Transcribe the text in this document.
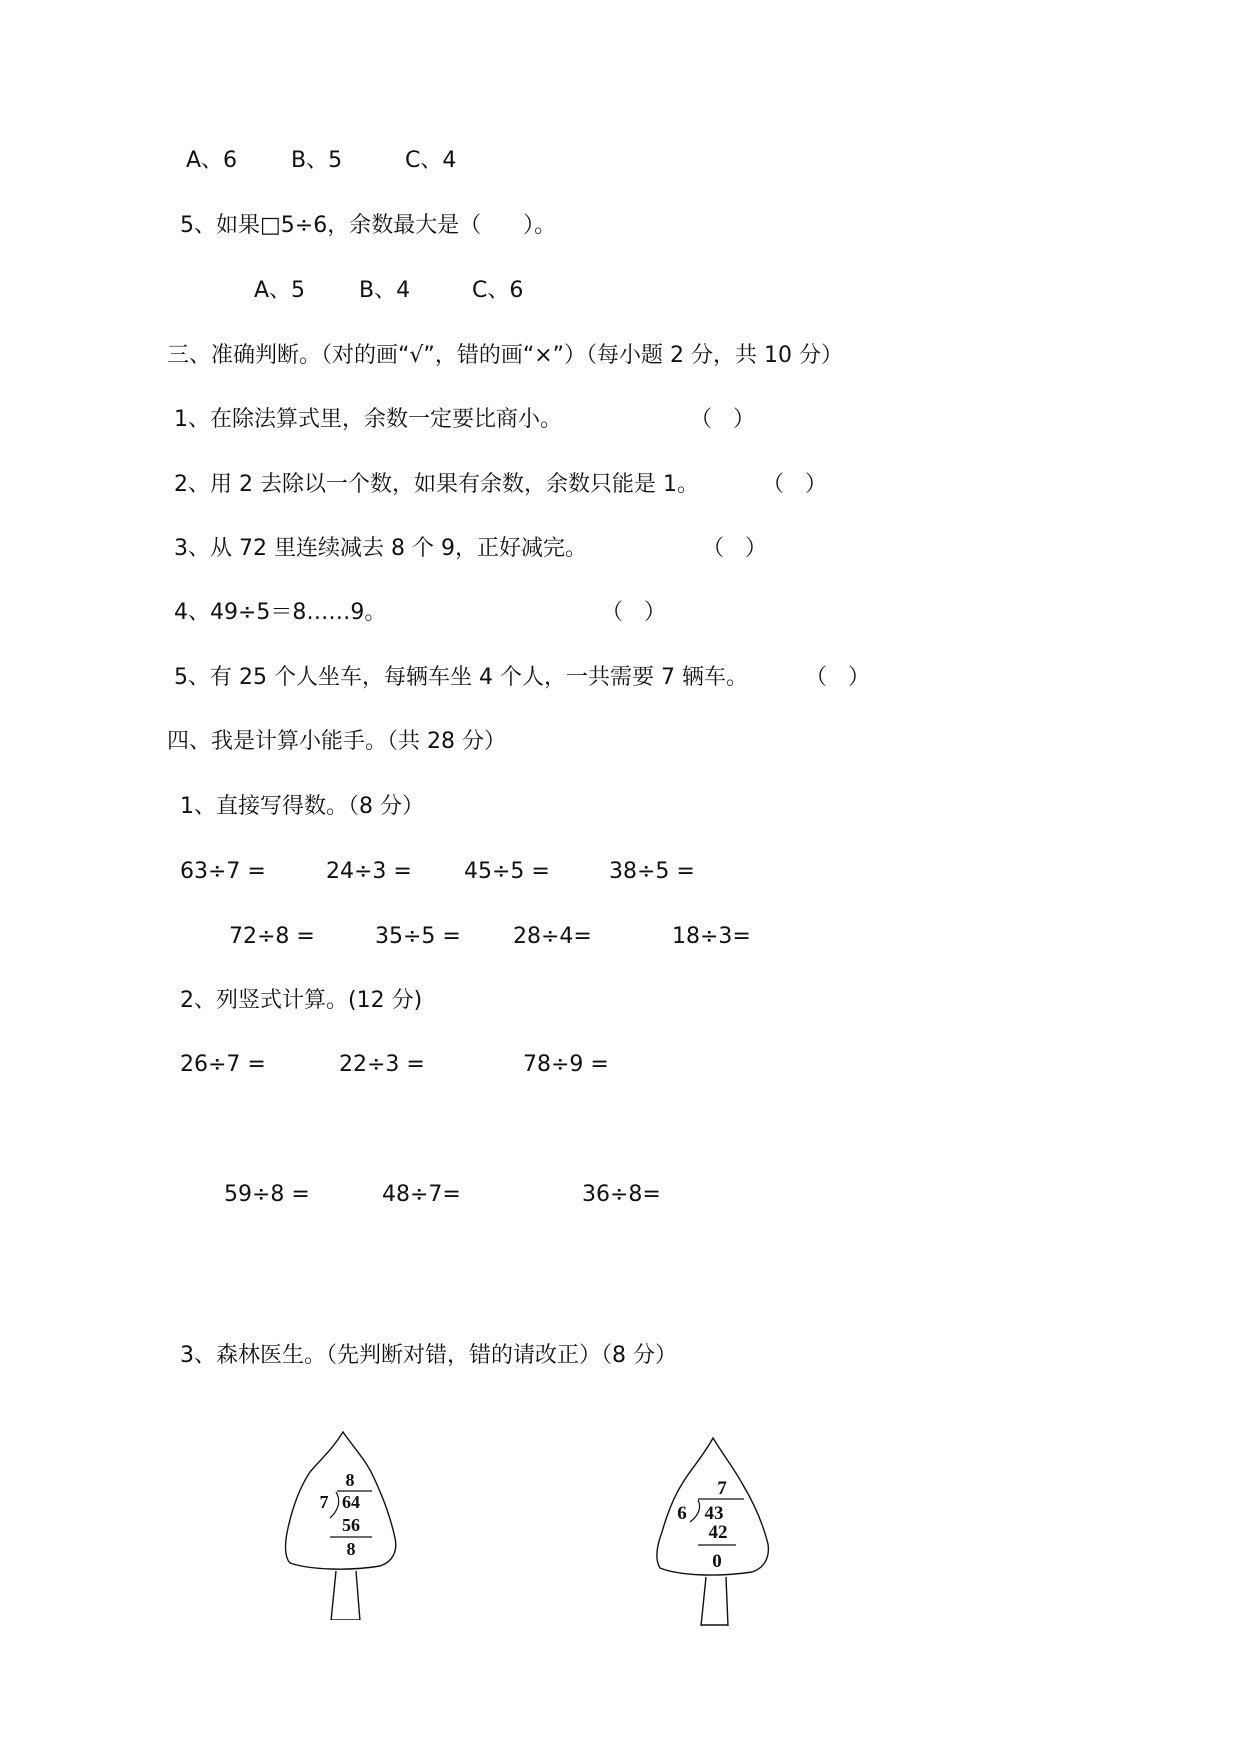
A、6 B、5	C、4
5、如果□5÷6，余数最大是（      ）。
A、5 B、4	C、6
三、准确判断。（对的画“√”，错的画“×”）（每小题 2 分，共 10 分）
1、在除法算式里，余数一定要比商小。	（   ）
2、用 2 去除以一个数，如果有余数，余数只能是 1。	（   ）
3、从 72 里连续减去 8 个 9，正好减完。	（   ）
4、49÷5＝8……9。	（   ）
5、有 25 个人坐车，每辆车坐 4 个人，一共需要 7 辆车。	（   ）
四、我是计算小能手。（共 28 分）
1、直接写得数。（8 分）
63÷7 =	24÷3 = 45÷5 =	38÷5 =
72÷8 =	35÷5 = 28÷4=	18÷3=
2、列竖式计算。(12 分)
26÷7 =	22÷3 =	78÷9 =
59÷8 =	48÷7=	36÷8=
3、森林医生。（先判断对错，错的请改正）（8 分）
8
7 64
56
8
7
6 43
42
0
